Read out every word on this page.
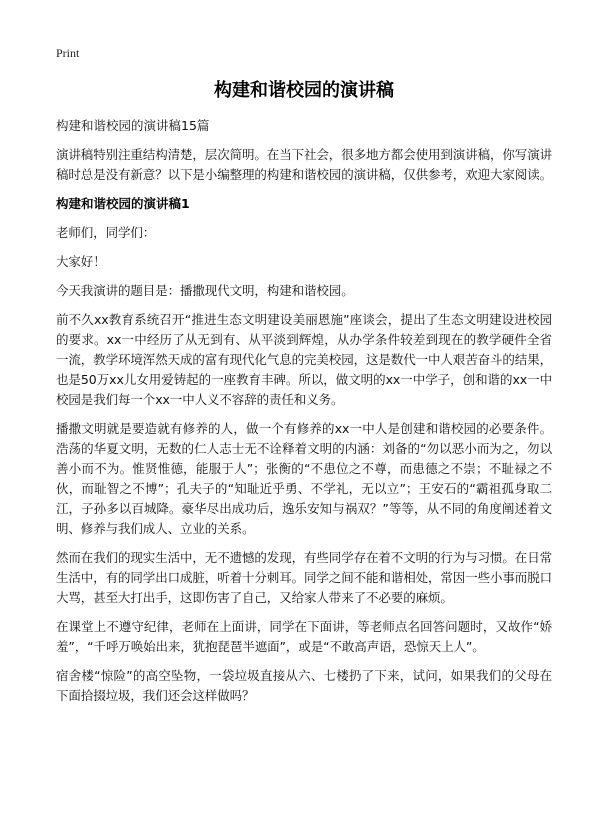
Print
构建和谐校园的演讲稿

构建和谐校园的演讲稿15篇

演讲稿特别注重结构清楚，层次简明。在当下社会，很多地方都会使用到演讲稿，你写演讲稿时总是没有新意？以下是小编整理的构建和谐校园的演讲稿，仅供参考，欢迎大家阅读。

构建和谐校园的演讲稿1

老师们，同学们：

大家好！

今天我演讲的题目是：播撒现代文明，构建和谐校园。

前不久xx教育系统召开“推进生态文明建设美丽恩施”座谈会，提出了生态文明建设进校园的要求。xx一中经历了从无到有、从平淡到辉煌，从办学条件较差到现在的教学硬件全省一流，教学环境浑然天成的富有现代化气息的完美校园，这是数代一中人艰苦奋斗的结果，也是50万xx儿女用爱铸起的一座教育丰碑。所以，做文明的xx一中学子，创和谐的xx一中校园是我们每一个xx一中人义不容辞的责任和义务。

播撒文明就是要造就有修养的人，做一个有修养的xx一中人是创建和谐校园的必要条件。浩荡的华夏文明，无数的仁人志士无不诠释着文明的内涵：刘备的“勿以恶小而为之，勿以善小而不为。惟贤惟德，能服于人”；张衡的“不患位之不尊，而患德之不崇；不耻禄之不伙，而耻智之不博”；孔夫子的“知耻近乎勇、不学礼，无以立”；王安石的“霸祖孤身取二江，子孙多以百城降。豪华尽出成功后，逸乐安知与祸双？”等等，从不同的角度阐述着文明、修养与我们成人、立业的关系。

然而在我们的现实生活中，无不遗憾的发现，有些同学存在着不文明的行为与习惯。在日常生活中，有的同学出口成脏，听着十分刺耳。同学之间不能和谐相处，常因一些小事而脱口大骂，甚至大打出手，这即伤害了自己，又给家人带来了不必要的麻烦。

在课堂上不遵守纪律，老师在上面讲，同学在下面讲，等老师点名回答问题时，又故作“娇羞”，“千呼万唤始出来，犹抱琵琶半遮面”，或是“不敢高声语，恐惊天上人”。

宿舍楼“惊险”的高空坠物，一袋垃圾直接从六、七楼扔了下来，试问，如果我们的父母在下面拾掇垃圾，我们还会这样做吗？
